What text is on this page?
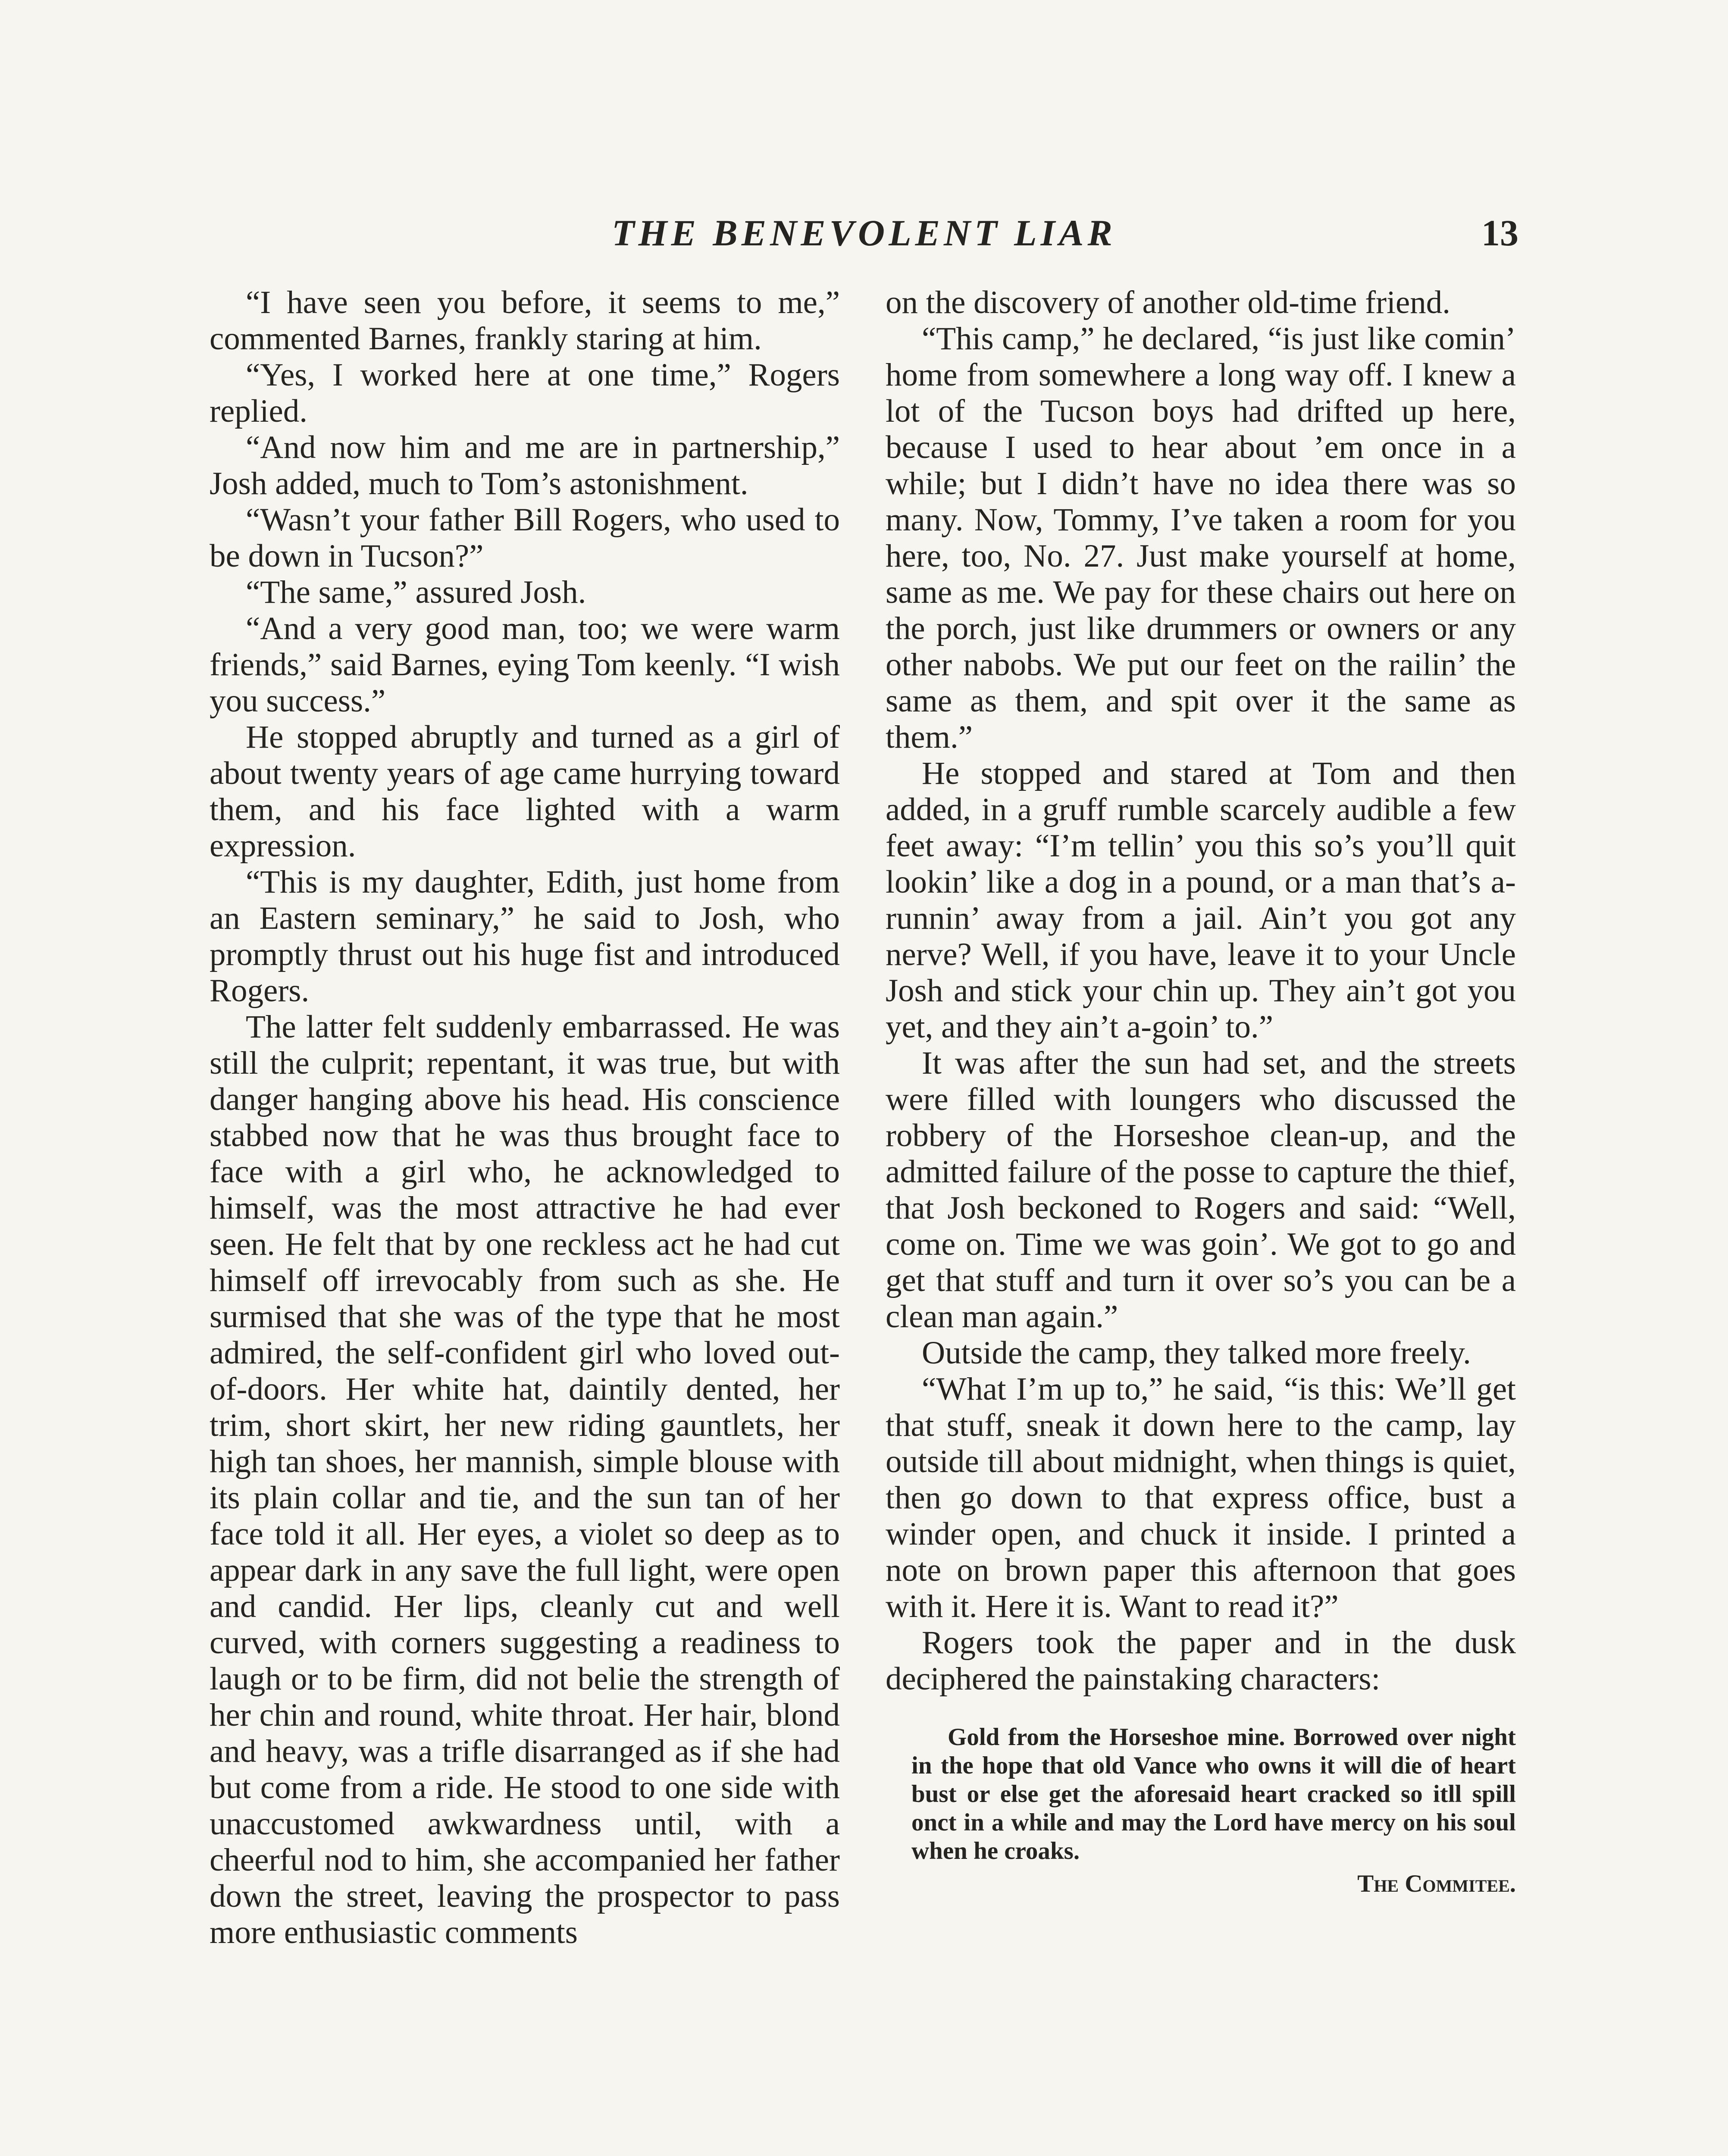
THE BENEVOLENT LIAR	13

“I have seen you before, it seems to me,” commented Barnes, frankly staring at him.

“Yes, I worked here at one time,” Rogers replied.

“And now him and me are in partnership,” Josh added, much to Tom’s astonishment.

“Wasn’t your father Bill Rogers, who used to be down in Tucson?”

“The same,” assured Josh.

“And a very good man, too; we were warm friends,” said Barnes, eying Tom keenly. “I wish you success.”

He stopped abruptly and turned as a girl of about twenty years of age came hurrying toward them, and his face lighted with a warm expression.

“This is my daughter, Edith, just home from an Eastern seminary,” he said to Josh, who promptly thrust out his huge fist and introduced Rogers.

The latter felt suddenly embarrassed. He was still the culprit; repentant, it was true, but with danger hanging above his head. His conscience stabbed now that he was thus brought face to face with a girl who, he acknowledged to himself, was the most attractive he had ever seen. He felt that by one reckless act he had cut himself off irrevocably from such as she. He surmised that she was of the type that he most admired, the self-confident girl who loved out-of-doors. Her white hat, daintily dented, her trim, short skirt, her new riding gauntlets, her high tan shoes, her mannish, simple blouse with its plain collar and tie, and the sun tan of her face told it all. Her eyes, a violet so deep as to appear dark in any save the full light, were open and candid. Her lips, cleanly cut and well curved, with corners suggesting a readiness to laugh or to be firm, did not belie the strength of her chin and round, white throat. Her hair, blond and heavy, was a trifle disarranged as if she had but come from a ride. He stood to one side with unaccustomed awkwardness until, with a cheerful nod to him, she accompanied her father down the street, leaving the prospector to pass more enthusiastic comments

on the discovery of another old-time friend.

“This camp,” he declared, “is just like comin’ home from somewhere a long way off. I knew a lot of the Tucson boys had drifted up here, because I used to hear about ’em once in a while; but I didn’t have no idea there was so many. Now, Tommy, I’ve taken a room for you here, too, No. 27. Just make yourself at home, same as me. We pay for these chairs out here on the porch, just like drummers or owners or any other nabobs. We put our feet on the railin’ the same as them, and spit over it the same as them.”

He stopped and stared at Tom and then added, in a gruff rumble scarcely audible a few feet away: “I’m tellin’ you this so’s you’ll quit lookin’ like a dog in a pound, or a man that’s a-runnin’ away from a jail. Ain’t you got any nerve? Well, if you have, leave it to your Uncle Josh and stick your chin up. They ain’t got you yet, and they ain’t a-goin’ to.”

It was after the sun had set, and the streets were filled with loungers who discussed the robbery of the Horseshoe clean-up, and the admitted failure of the posse to capture the thief, that Josh beckoned to Rogers and said: “Well, come on. Time we was goin’. We got to go and get that stuff and turn it over so’s you can be a clean man again.”

Outside the camp, they talked more freely.

“What I’m up to,” he said, “is this: We’ll get that stuff, sneak it down here to the camp, lay outside till about midnight, when things is quiet, then go down to that express office, bust a winder open, and chuck it inside. I printed a note on brown paper this afternoon that goes with it. Here it is. Want to read it?”

Rogers took the paper and in the dusk deciphered the painstaking characters:

Gold from the Horseshoe mine. Borrowed over night in the hope that old Vance who owns it will die of heart bust or else get the aforesaid heart cracked so itll spill onct in a while and may the Lord have mercy on his soul when he croaks.

The Commitee.
